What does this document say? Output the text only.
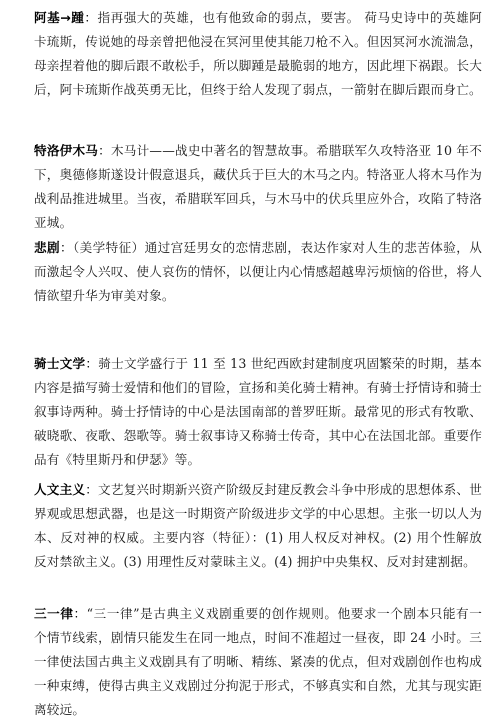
阿基→踵：指再强大的英雄，也有他致命的弱点，要害。 荷马史诗中的英雄阿卡琉斯，传说她的母亲曾把他浸在冥河里使其能刀枪不入。但因冥河水流湍急，母亲捏着他的脚后跟不敢松手，所以脚踵是最脆弱的地方，因此埋下祸跟。长大后，阿卡琉斯作战英勇无比，但终于给人发现了弱点，一箭射在脚后跟而身亡。

特洛伊木马：木马计——战史中著名的智慧故事。希腊联军久攻特洛亚 10 年不下，奥德修斯遂设计假意退兵，藏伏兵于巨大的木马之内。特洛亚人将木马作为战利品推进城里。当夜，希腊联军回兵，与木马中的伏兵里应外合，攻陷了特洛亚城。

悲剧：（美学特征）通过宫廷男女的恋情悲剧，表达作家对人生的悲苦体验，从而激起令人兴叹、使人哀伤的情怀，以便让内心情感超越卑污烦恼的俗世，将人情欲望升华为审美对象。

骑士文学：骑士文学盛行于 11 至 13 世纪西欧封建制度巩固繁荣的时期，基本内容是描写骑士爱情和他们的冒险，宣扬和美化骑士精神。有骑士抒情诗和骑士叙事诗两种。骑士抒情诗的中心是法国南部的普罗旺斯。最常见的形式有牧歌、破晓歌、夜歌、怨歌等。骑士叙事诗又称骑士传奇，其中心在法国北部。重要作品有《特里斯丹和伊瑟》等。

人文主义：文艺复兴时期新兴资产阶级反封建反教会斗争中形成的思想体系、世界观或思想武器，也是这一时期资产阶级进步文学的中心思想。主张一切以人为本、反对神的权威。主要内容（特征）：(1) 用人权反对神权。(2) 用个性解放反对禁欲主义。(3) 用理性反对蒙昧主义。(4) 拥护中央集权、反对封建割据。

三一律：“三一律”是古典主义戏剧重要的创作规则。他要求一个剧本只能有一个情节线索，剧情只能发生在同一地点，时间不准超过一昼夜，即 24 小时。三一律使法国古典主义戏剧具有了明晰、精练、紧凑的优点，但对戏剧创作也构成一种束缚，使得古典主义戏剧过分拘泥于形式，不够真实和自然，尤其与现实距离较远。
